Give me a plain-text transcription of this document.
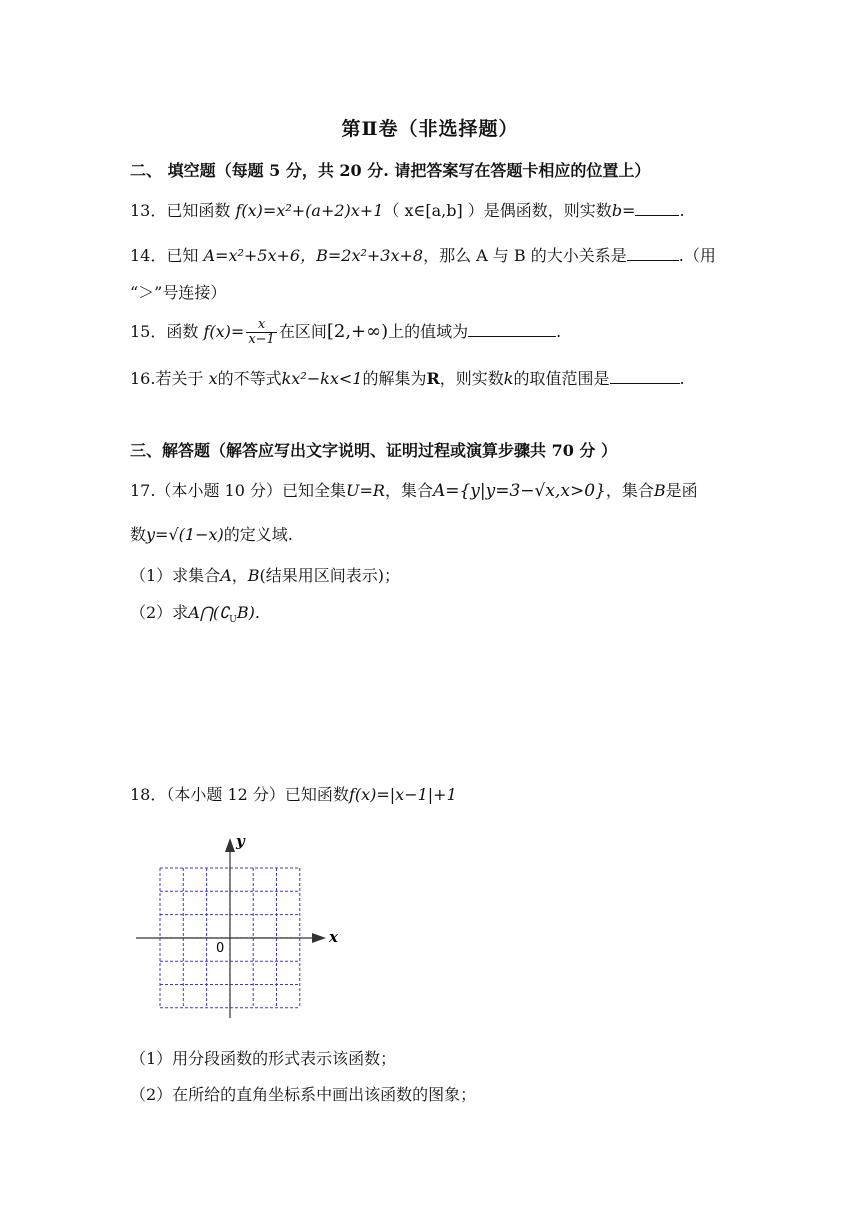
第Ⅱ卷（非选择题）
二、 填空题（每题 5 分，共 20 分. 请把答案写在答题卡相应的位置上）
13．已知函数 f(x)=x²+(a+2)x+1（ x∈[a,b] ）是偶函数，则实数b=	.
14．已知 A=x²+5x+6，B=2x²+3x+8，那么 A 与 B 的大小关系是	.（用
“＞”号连接）
15．函数 $f(x)= \frac{x}{x-1}$ 在区间[2,+∞)上的值域为	.
16.若关于 x的不等式kx²−kx<1的解集为R，则实数k的取值范围是	.
三、解答题（解答应写出文字说明、证明过程或演算步骤共 70 分 ）
17.（本小题 10 分）已知全集U=R，集合A={y|y=3−√x,x>0}，集合B是函
数y=√(1−x)的定义域.
（1）求集合A，B(结果用区间表示)；
（2）求$A⋂(∁_UB)$.
18．（本小题 12 分）已知函数f(x)=|x−1|+1
x
y
0
（1）用分段函数的形式表示该函数；
（2）在所给的直角坐标系中画出该函数的图象；
